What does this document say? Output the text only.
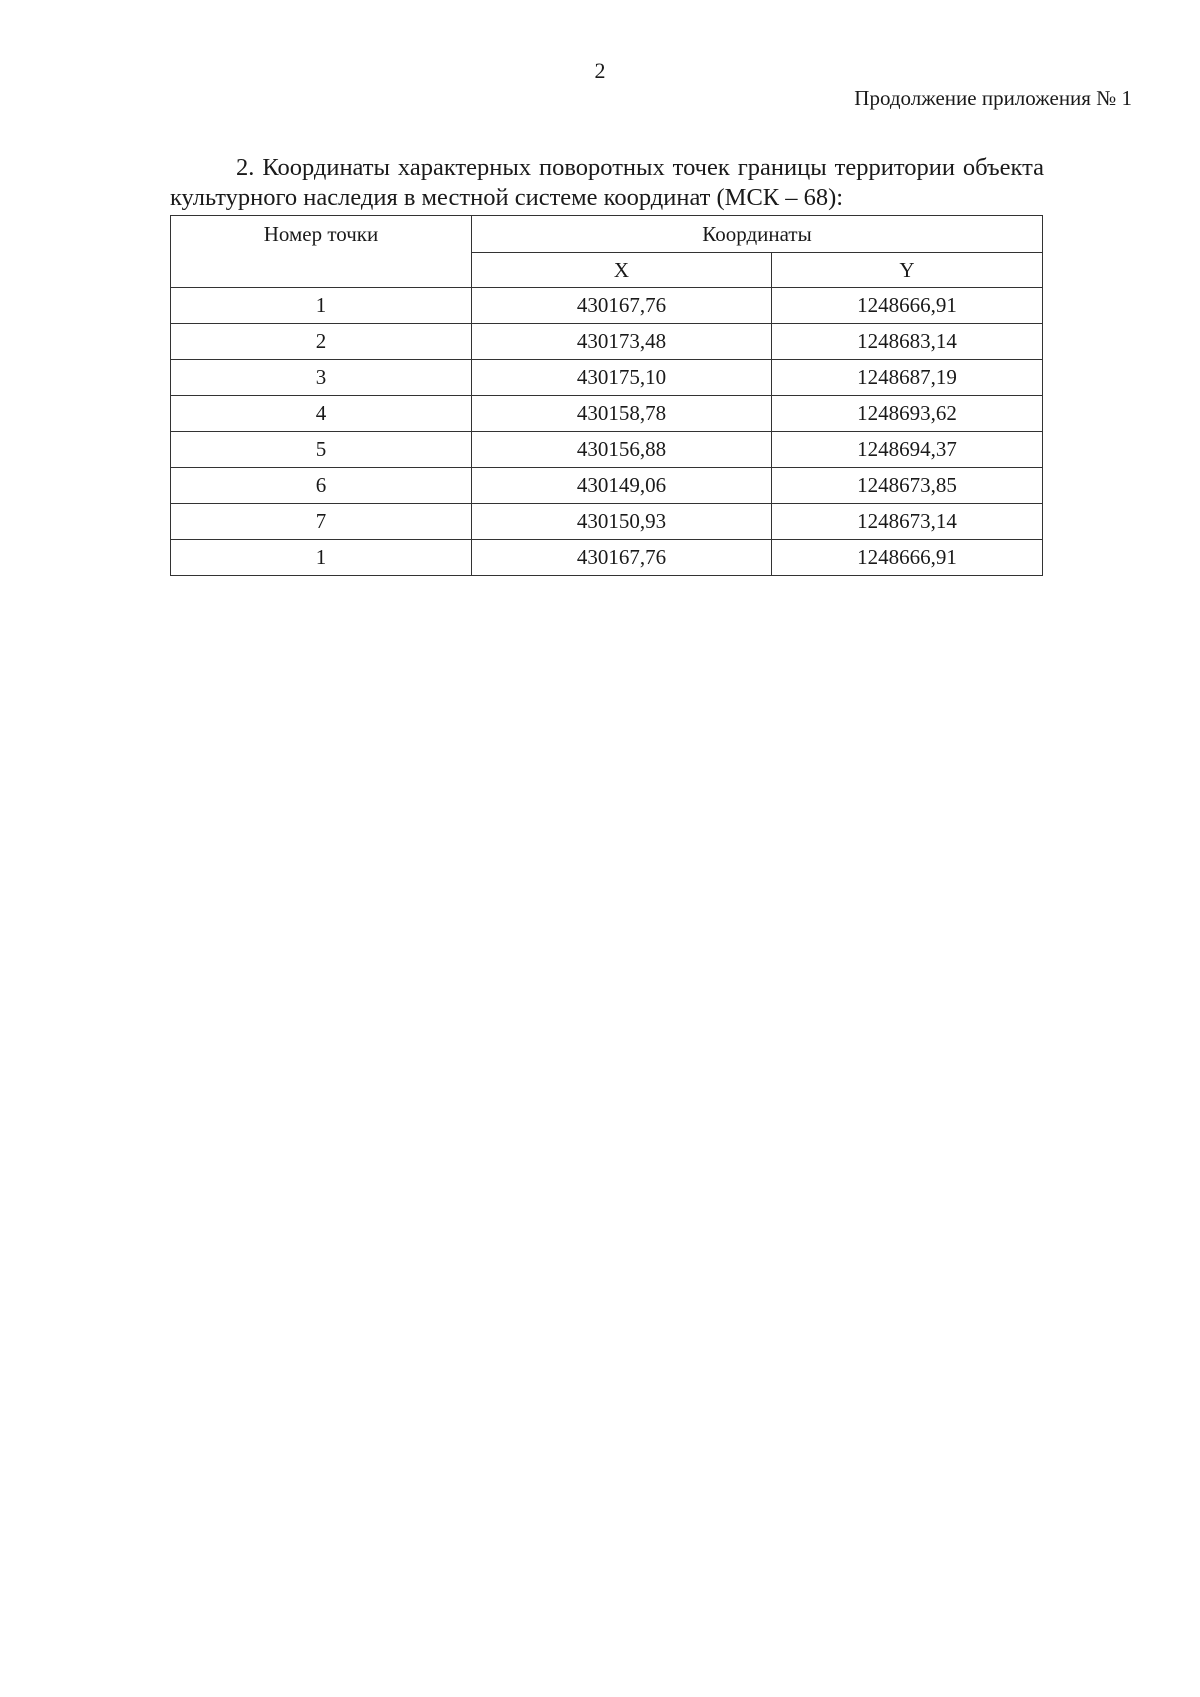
2
Продолжение приложения № 1

2. Координаты характерных поворотных точек границы территории объекта культурного наследия в местной системе координат (МСК – 68):

Номер точки	Координаты	
	X	Y
1	430167,76	1248666,91
2	430173,48	1248683,14
3	430175,10	1248687,19
4	430158,78	1248693,62
5	430156,88	1248694,37
6	430149,06	1248673,85
7	430150,93	1248673,14
1	430167,76	1248666,91
